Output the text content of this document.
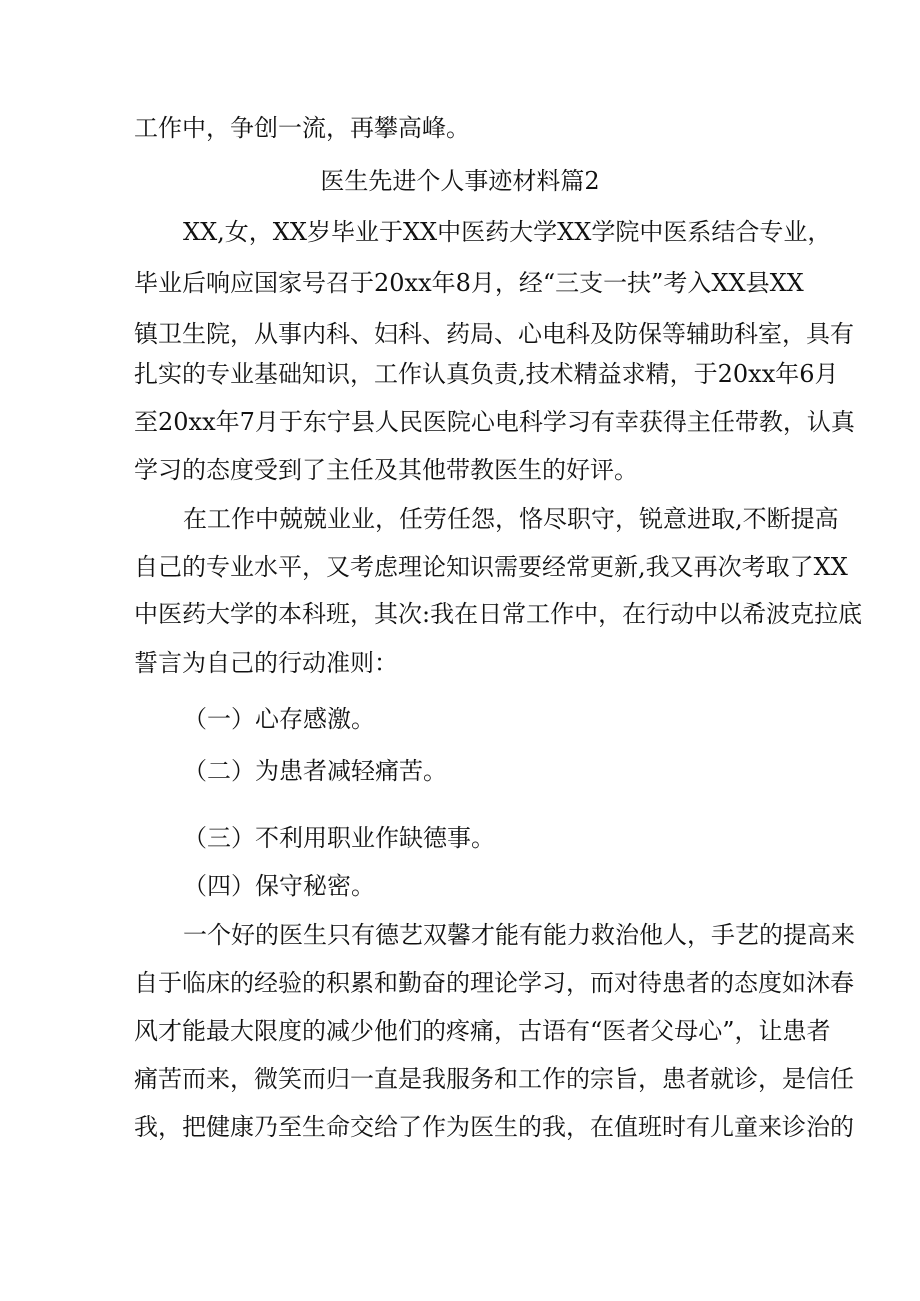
工作中，争创一流，再攀高峰。

医生先进个人事迹材料篇2

XX,女，XX岁毕业于XX中医药大学XX学院中医系结合专业，

毕业后响应国家号召于20xx年8月，经“三支一扶”考入XX县XX

镇卫生院，从事内科、妇科、药局、心电科及防保等辅助科室，具有

扎实的专业基础知识，工作认真负责,技术精益求精，于20xx年6月

至20xx年7月于东宁县人民医院心电科学习有幸获得主任带教，认真

学习的态度受到了主任及其他带教医生的好评。

在工作中兢兢业业，任劳任怨，恪尽职守，锐意进取,不断提高

自己的专业水平，又考虑理论知识需要经常更新,我又再次考取了XX

中医药大学的本科班，其次:我在日常工作中，在行动中以希波克拉底

誓言为自己的行动准则：

（一）心存感激。

（二）为患者减轻痛苦。

（三）不利用职业作缺德事。

（四）保守秘密。

一个好的医生只有德艺双馨才能有能力救治他人，手艺的提高来

自于临床的经验的积累和勤奋的理论学习，而对待患者的态度如沐春

风才能最大限度的减少他们的疼痛，古语有“医者父母心”，让患者

痛苦而来，微笑而归一直是我服务和工作的宗旨，患者就诊，是信任

我，把健康乃至生命交给了作为医生的我，在值班时有儿童来诊治的
